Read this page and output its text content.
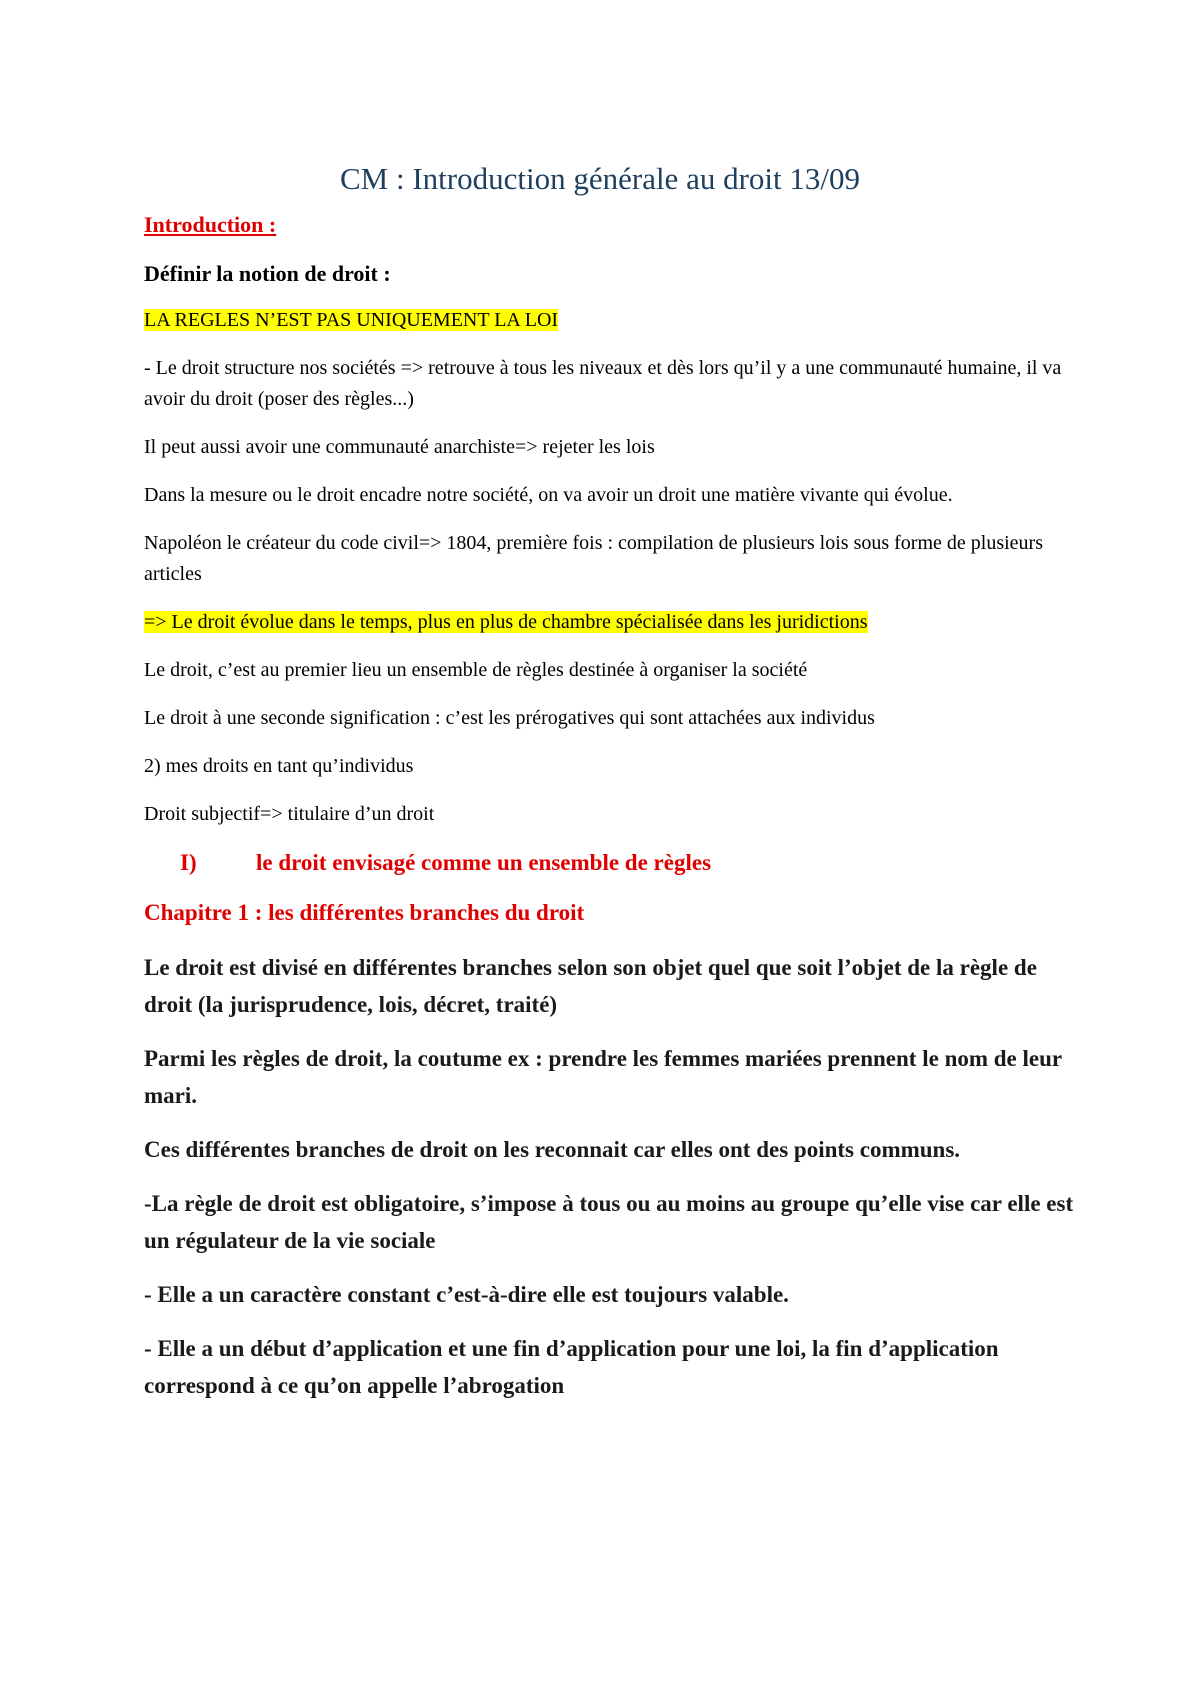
CM : Introduction générale au droit 13/09
Introduction :
Définir la notion de droit :
LA REGLES N’EST PAS UNIQUEMENT LA LOI
- Le droit structure nos sociétés => retrouve à tous les niveaux et dès lors qu’il y a une communauté humaine, il va avoir du droit (poser des règles...)
Il peut aussi avoir une communauté anarchiste=> rejeter les lois
Dans la mesure ou le droit encadre notre société, on va avoir un droit une matière vivante qui évolue.
Napoléon le créateur du code civil=> 1804, première fois : compilation de plusieurs lois sous forme de plusieurs articles
=> Le droit évolue dans le temps, plus en plus de chambre spécialisée dans les juridictions
Le droit, c’est au premier lieu un ensemble de règles destinée à organiser la société
Le droit à une seconde signification : c’est les prérogatives qui sont attachées aux individus
2) mes droits en tant qu’individus
Droit subjectif=> titulaire d’un droit
I)	le droit envisagé comme un ensemble de règles
Chapitre 1 : les différentes branches du droit
Le droit est divisé en différentes branches selon son objet quel que soit l’objet de la règle de droit (la jurisprudence, lois, décret, traité)
Parmi les règles de droit, la coutume ex : prendre les femmes mariées prennent le nom de leur mari.
Ces différentes branches de droit on les reconnait car elles ont des points communs.
-La règle de droit est obligatoire, s’impose à tous ou au moins au groupe qu’elle vise car elle est un régulateur de la vie sociale
- Elle a un caractère constant c’est-à-dire elle est toujours valable.
- Elle a un début d’application et une fin d’application pour une loi, la fin d’application correspond à ce qu’on appelle l’abrogation
